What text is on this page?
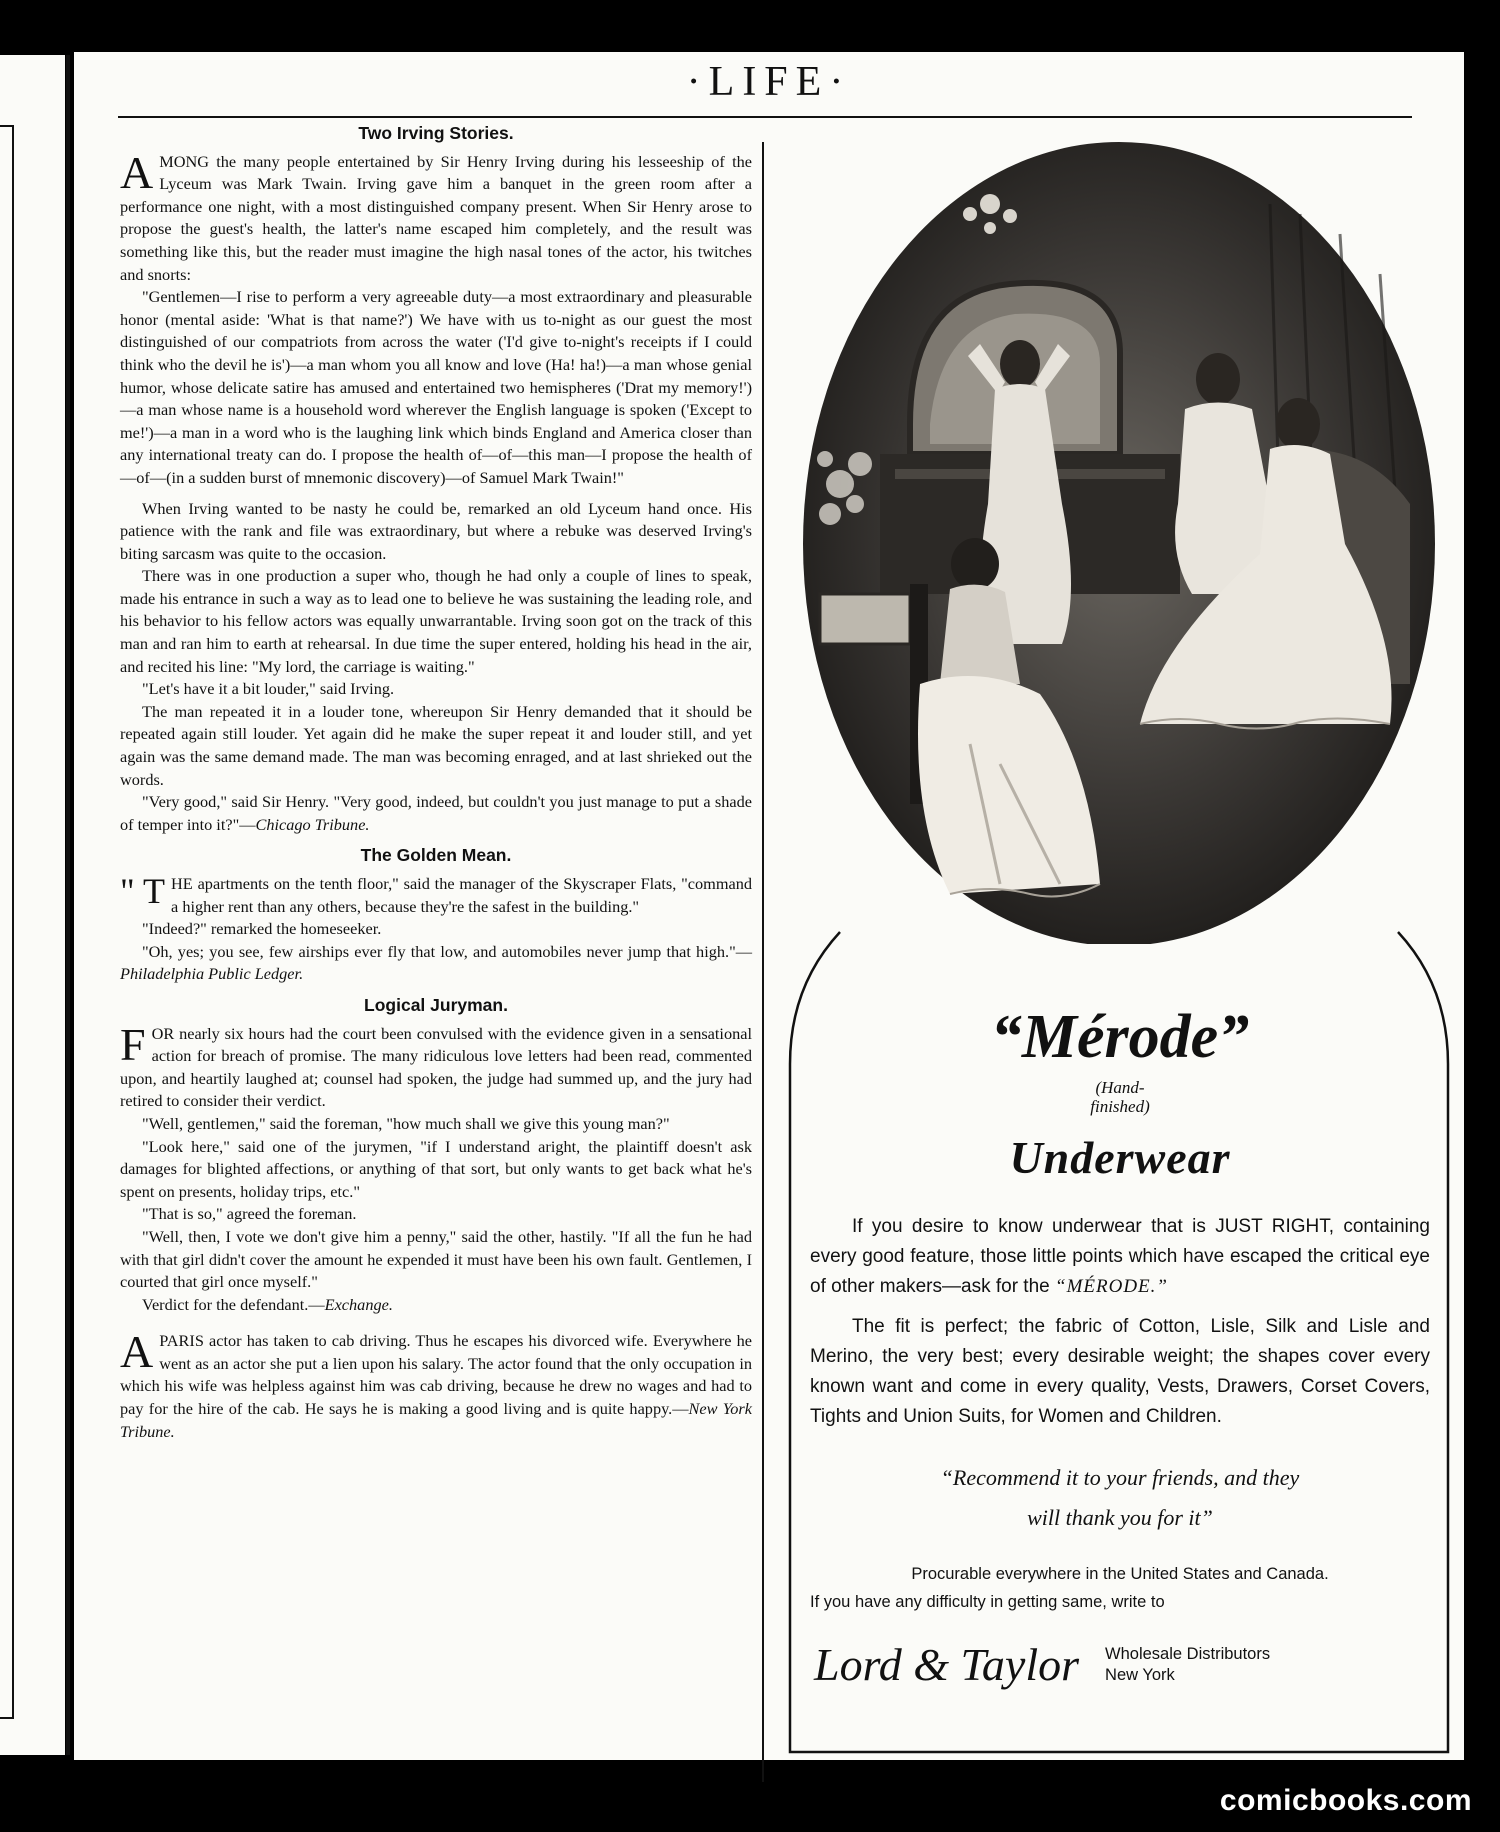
·LIFE·
Two Irving Stories.

AMONG the many people entertained by Sir Henry Irving during his lesseeship of the Lyceum was Mark Twain. Irving gave him a banquet in the green room after a performance one night, with a most distinguished company present. When Sir Henry arose to propose the guest's health, the latter's name escaped him completely, and the result was something like this, but the reader must imagine the high nasal tones of the actor, his twitches and snorts:

"Gentlemen—I rise to perform a very agreeable duty—a most extraordinary and pleasurable honor (mental aside: 'What is that name?') We have with us to-night as our guest the most distinguished of our compatriots from across the water ('I'd give to-night's receipts if I could think who the devil he is')—a man whom you all know and love (Ha! ha!)—a man whose genial humor, whose delicate satire has amused and entertained two hemispheres ('Drat my memory!')—a man whose name is a household word wherever the English language is spoken ('Except to me!')—a man in a word who is the laughing link which binds England and America closer than any international treaty can do. I propose the health of—of—this man—I propose the health of—of—(in a sudden burst of mnemonic discovery)—of Samuel Mark Twain!"

When Irving wanted to be nasty he could be, remarked an old Lyceum hand once. His patience with the rank and file was extraordinary, but where a rebuke was deserved Irving's biting sarcasm was quite to the occasion.

There was in one production a super who, though he had only a couple of lines to speak, made his entrance in such a way as to lead one to believe he was sustaining the leading role, and his behavior to his fellow actors was equally unwarrantable. Irving soon got on the track of this man and ran him to earth at rehearsal. In due time the super entered, holding his head in the air, and recited his line: "My lord, the carriage is waiting."

"Let's have it a bit louder," said Irving.

The man repeated it in a louder tone, whereupon Sir Henry demanded that it should be repeated again still louder. Yet again did he make the super repeat it and louder still, and yet again was the same demand made. The man was becoming enraged, and at last shrieked out the words.

"Very good," said Sir Henry. "Very good, indeed, but couldn't you just manage to put a shade of temper into it?"—Chicago Tribune.

The Golden Mean.

" T HE apartments on the tenth floor," said the manager of the Skyscraper Flats, "command a higher rent than any others, because they're the safest in the building."

"Indeed?" remarked the homeseeker.

"Oh, yes; you see, few airships ever fly that low, and automobiles never jump that high."—Philadelphia Public Ledger.

Logical Juryman.

FOR nearly six hours had the court been convulsed with the evidence given in a sensational action for breach of promise. The many ridiculous love letters had been read, commented upon, and heartily laughed at; counsel had spoken, the judge had summed up, and the jury had retired to consider their verdict.

"Well, gentlemen," said the foreman, "how much shall we give this young man?"

"Look here," said one of the jurymen, "if I understand aright, the plaintiff doesn't ask damages for blighted affections, or anything of that sort, but only wants to get back what he's spent on presents, holiday trips, etc."

"That is so," agreed the foreman.

"Well, then, I vote we don't give him a penny," said the other, hastily. "If all the fun he had with that girl didn't cover the amount he expended it must have been his own fault. Gentlemen, I courted that girl once myself."

Verdict for the defendant.—Exchange.

APARIS actor has taken to cab driving. Thus he escapes his divorced wife. Everywhere he went as an actor she put a lien upon his salary. The actor found that the only occupation in which his wife was helpless against him was cab driving, because he drew no wages and had to pay for the hire of the cab. He says he is making a good living and is quite happy.—New York Tribune.

“Mérode”

(Hand-
finished)

Underwear

If you desire to know underwear that is JUST RIGHT, containing every good feature, those little points which have escaped the critical eye of other makers—ask for the “MÉRODE.”

The fit is perfect; the fabric of Cotton, Lisle, Silk and Lisle and Merino, the very best; every desirable weight; the shapes cover every known want and come in every quality, Vests, Drawers, Corset Covers, Tights and Union Suits, for Women and Children.

“Recommend it to your friends, and they
will thank you for it”

Procurable everywhere in the United States and Canada.

If you have any difficulty in getting same, write to

Lord & Taylor Wholesale Distributors
New York
comicbooks.com
